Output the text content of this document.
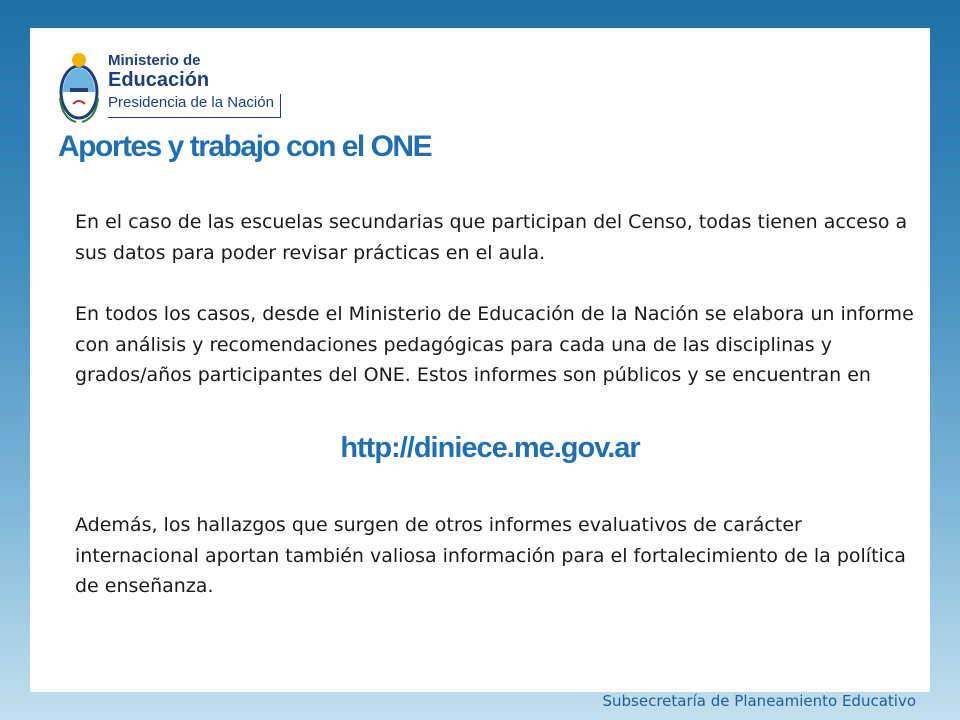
Ministerio de
Educación
Presidencia de la Nación
Aportes y trabajo con el ONE

En el caso de las escuelas secundarias que participan del Censo, todas tienen acceso a sus datos para poder revisar prácticas en el aula.

En todos los casos, desde el Ministerio de Educación de la Nación se elabora un informe con análisis y recomendaciones pedagógicas para cada una de las disciplinas y grados/años participantes del ONE. Estos informes son públicos y se encuentran en

http://diniece.me.gov.ar

Además, los hallazgos que surgen de otros informes evaluativos de carácter internacional aportan también valiosa información para el fortalecimiento de la política de enseñanza.

Subsecretaría de Planeamiento Educativo
